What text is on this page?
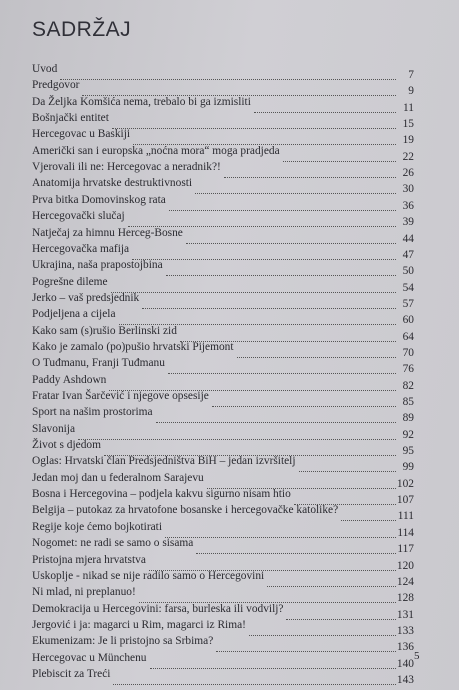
SADRŽAJ
Uvod	7
Predgovor	9
Da Željka Komšića nema, trebalo bi ga izmisliti	11
Bošnjački entitet	15
Hercegovac u Baskiji	19
Američki san i europska „noćna mora“ moga pradjeda	22
Vjerovali ili ne: Hercegovac a neradnik?!	26
Anatomija hrvatske destruktivnosti	30
Prva bitka Domovinskog rata	36
Hercegovački slučaj	39
Natječaj za himnu Herceg-Bosne	44
Hercegovačka mafija	47
Ukrajina, naša prapostojbina	50
Pogrešne dileme	54
Jerko – vaš predsjednik	57
Podjeljena a cijela	60
Kako sam (s)rušio Berlinski zid	64
Kako je zamalo (po)pušio hrvatski Pijemont	70
O Tuđmanu, Franji Tuđmanu	76
Paddy Ashdown	82
Fratar Ivan Šarčević i njegove opsesije	85
Sport na našim prostorima	89
Slavonija	92
Život s djedom	95
Oglas: Hrvatski član Predsjedništva BiH – jedan izvršitelj	99
Jedan moj dan u federalnom Sarajevu	102
Bosna i Hercegovina – podjela kakvu sigurno nisam htio	107
Belgija – putokaz za hrvatofone bosanske i hercegovačke katolike?	111
Regije koje ćemo bojkotirati	114
Nogomet: ne radi se samo o sisama	117
Pristojna mjera hrvatstva	120
Uskoplje - nikad se nije radilo samo o Hercegovini	124
Ni mlad, ni preplanuo!	128
Demokracija u Hercegovini: farsa, burleska ili vodvilj?	131
Jergović i ja: magarci u Rim, magarci iz Rima!	133
Ekumenizam: Je li pristojno sa Srbima?	136
Hercegovac u Münchenu	140
Plebiscit za Treći	143
5
